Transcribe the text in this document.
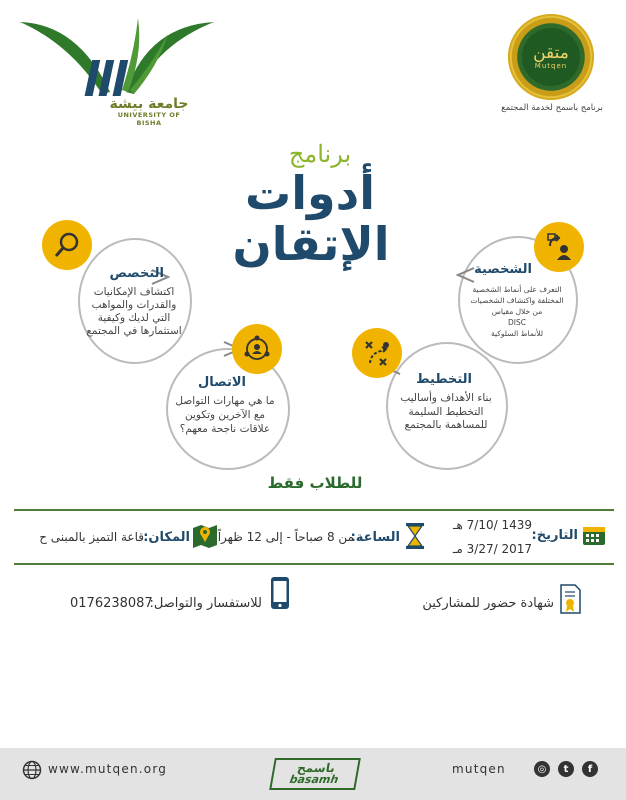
متقن
Mutqen
برنامج باسمح لخدمة المجتمع
جامعة بيشة
UNIVERSITY OF BISHA
برنامج
أدوات
الإتقان
التخصص
اكتشاف الإمكانيات والقدرات والمواهب التي لديك وكيفية استثمارها في المجتمع
الشخصية
التعرف على أنماط الشخصية
المختلفة واكتشاف الشخصيات
من خلال مقياس
DISC
للأنماط السلوكية
الاتصال
ما هي مهارات التواصل مع الآخرين وتكوين علاقات ناجحة معهم؟
التخطيط
بناء الأهداف وأساليب التخطيط السليمة للمساهمة بالمجتمع
للطلاب فقط
التاريخ:
1439 /7/10 هـ
2017 /3/27 مـ
الساعة:
من 8 صباحاً - إلى 12 ظهراً
المكان:
قاعة التميز بالمبنى ح
شهادة حضور للمشاركين
للاستفسار والتواصل:
0176238087
www.mutqen.org	باسمح
basamh
mutqen	◎	t	f
